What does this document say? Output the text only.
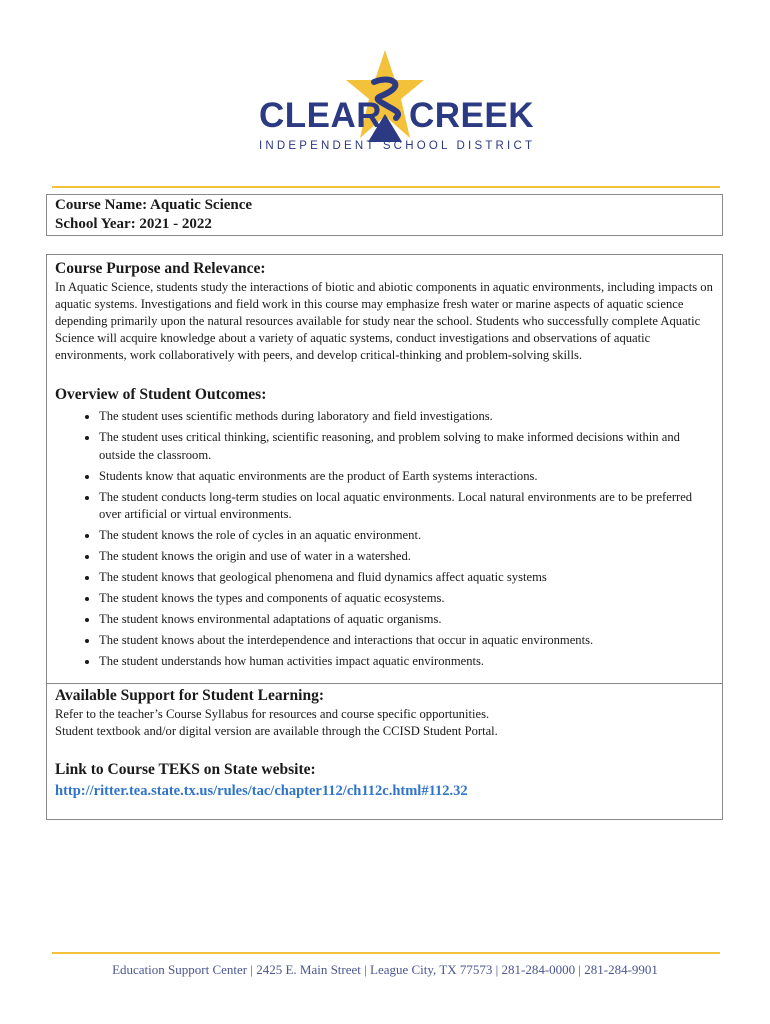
CLEAR CREEK
INDEPENDENT SCHOOL DISTRICT
Course Name: Aquatic Science
School Year: 2021 - 2022
Course Purpose and Relevance:

In Aquatic Science, students study the interactions of biotic and abiotic components in aquatic environments, including impacts on aquatic systems. Investigations and field work in this course may emphasize fresh water or marine aspects of aquatic science depending primarily upon the natural resources available for study near the school. Students who successfully complete Aquatic Science will acquire knowledge about a variety of aquatic systems, conduct investigations and observations of aquatic environments, work collaboratively with peers, and develop critical-thinking and problem-solving skills.

Overview of Student Outcomes:
• The student uses scientific methods during laboratory and field investigations.
• The student uses critical thinking, scientific reasoning, and problem solving to make informed decisions within and outside the classroom.
• Students know that aquatic environments are the product of Earth systems interactions.
• The student conducts long-term studies on local aquatic environments. Local natural environments are to be preferred over artificial or virtual environments.
• The student knows the role of cycles in an aquatic environment.
• The student knows the origin and use of water in a watershed.
• The student knows that geological phenomena and fluid dynamics affect aquatic systems
• The student knows the types and components of aquatic ecosystems.
• The student knows environmental adaptations of aquatic organisms.
• The student knows about the interdependence and interactions that occur in aquatic environments.
• The student understands how human activities impact aquatic environments.
Available Support for Student Learning:

Refer to the teacher’s Course Syllabus for resources and course specific opportunities.

Student textbook and/or digital version are available through the CCISD Student Portal.

Link to Course TEKS on State website:
http://ritter.tea.state.tx.us/rules/tac/chapter112/ch112c.html#112.32
Education Support Center | 2425 E. Main Street | League City, TX 77573 | 281-284-0000 | 281-284-9901
